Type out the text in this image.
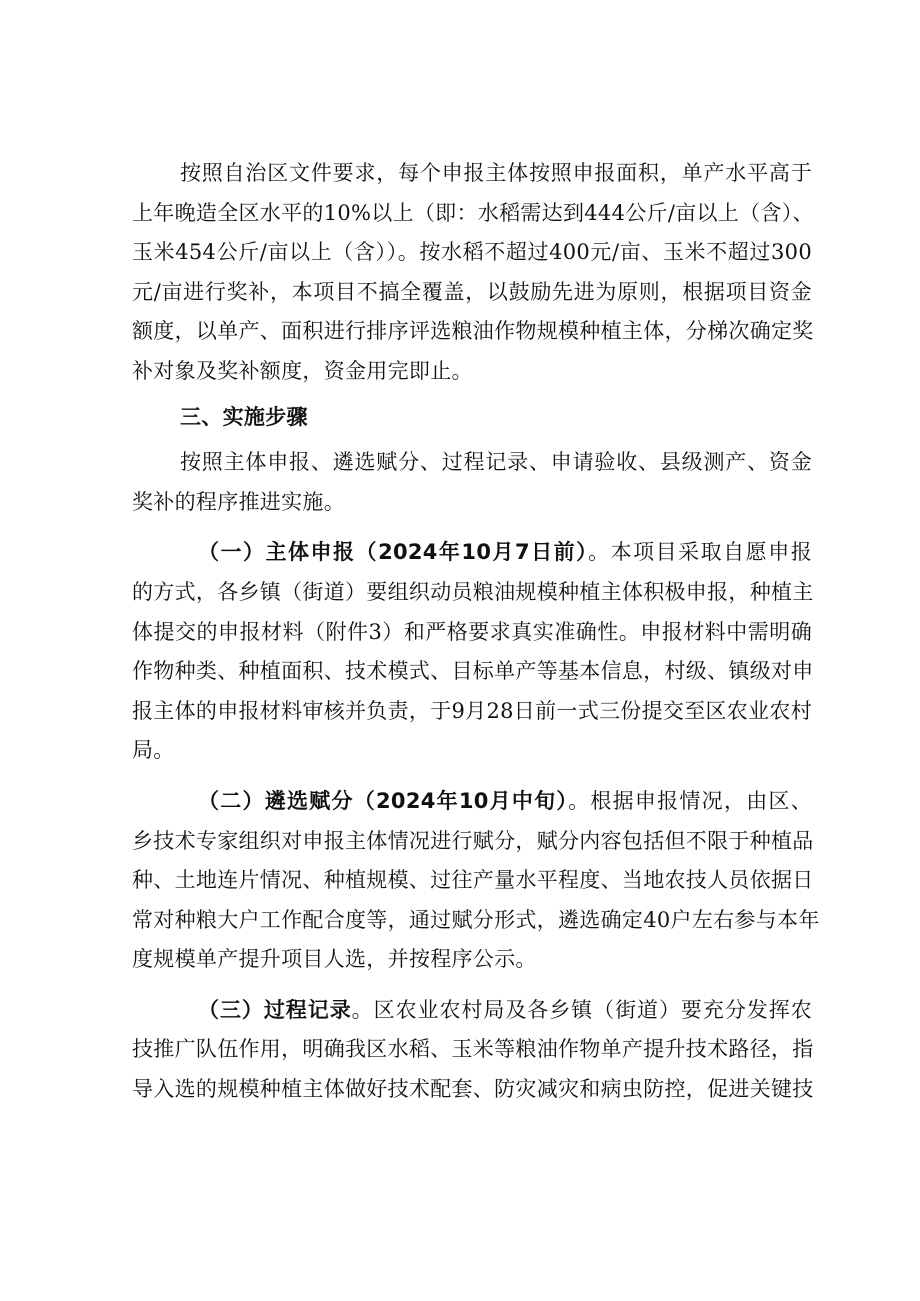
按照自治区文件要求，每个申报主体按照申报面积，单产水平高于
上年晚造全区水平的10%以上（即：水稻需达到444公斤/亩以上（含）、
玉米454公斤/亩以上（含））。按水稻不超过400元/亩、玉米不超过300
元/亩进行奖补，本项目不搞全覆盖，以鼓励先进为原则，根据项目资金
额度，以单产、面积进行排序评选粮油作物规模种植主体，分梯次确定奖
补对象及奖补额度，资金用完即止。
三、实施步骤
按照主体申报、遴选赋分、过程记录、申请验收、县级测产、资金
奖补的程序推进实施。
（一）主体申报（2024年10月7日前）。本项目采取自愿申报
的方式，各乡镇（街道）要组织动员粮油规模种植主体积极申报，种植主
体提交的申报材料（附件3）和严格要求真实准确性。申报材料中需明确
作物种类、种植面积、技术模式、目标单产等基本信息，村级、镇级对申
报主体的申报材料审核并负责，于9月28日前一式三份提交至区农业农村
局。
（二）遴选赋分（2024年10月中旬）。根据申报情况，由区、
乡技术专家组织对申报主体情况进行赋分，赋分内容包括但不限于种植品
种、土地连片情况、种植规模、过往产量水平程度、当地农技人员依据日
常对种粮大户工作配合度等，通过赋分形式，遴选确定40户左右参与本年
度规模单产提升项目人选，并按程序公示。
（三）过程记录。区农业农村局及各乡镇（街道）要充分发挥农
技推广队伍作用，明确我区水稻、玉米等粮油作物单产提升技术路径，指
导入选的规模种植主体做好技术配套、防灾减灾和病虫防控，促进关键技
